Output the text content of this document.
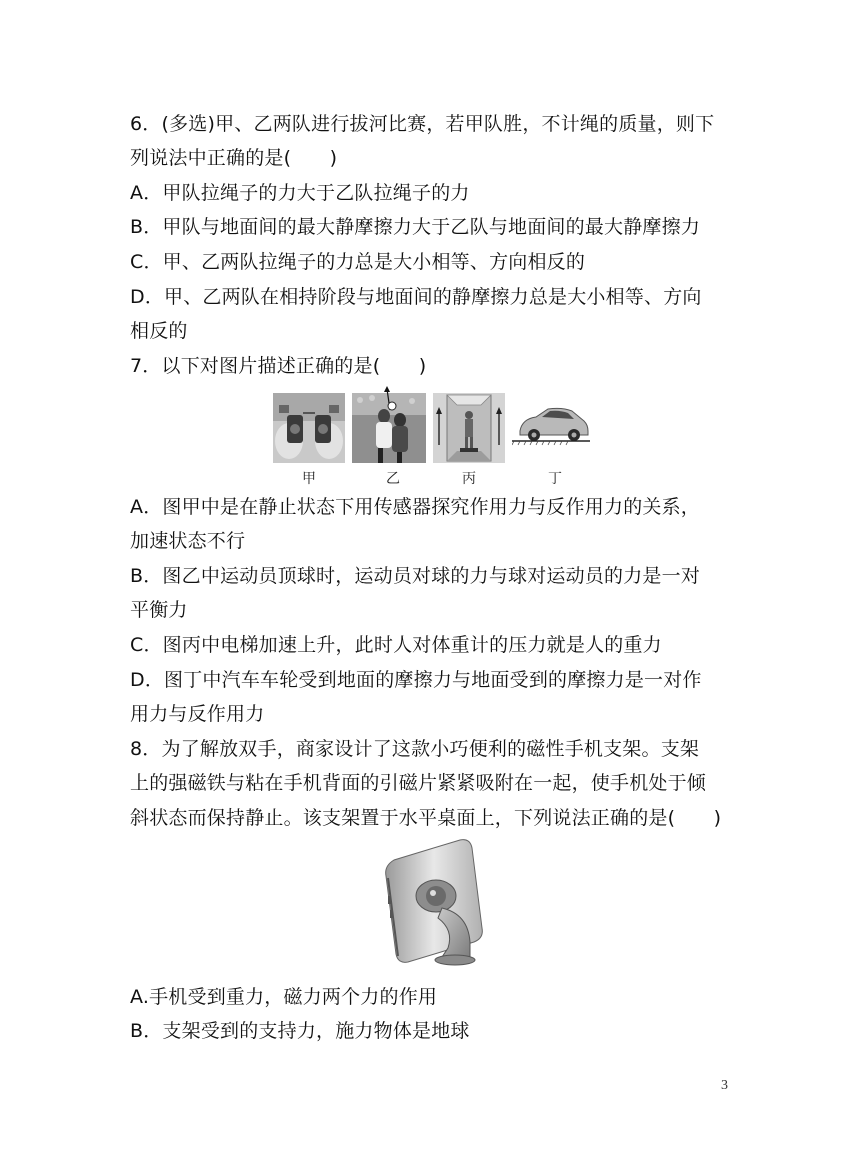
6．(多选)甲、乙两队进行拔河比赛，若甲队胜，不计绳的质量，则下
列说法中正确的是(　　)
A．甲队拉绳子的力大于乙队拉绳子的力
B．甲队与地面间的最大静摩擦力大于乙队与地面间的最大静摩擦力
C．甲、乙两队拉绳子的力总是大小相等、方向相反的
D．甲、乙两队在相持阶段与地面间的静摩擦力总是大小相等、方向
相反的
7．以下对图片描述正确的是(　　)
甲	乙	丙	丁
A．图甲中是在静止状态下用传感器探究作用力与反作用力的关系，
加速状态不行
B．图乙中运动员顶球时，运动员对球的力与球对运动员的力是一对
平衡力
C．图丙中电梯加速上升，此时人对体重计的压力就是人的重力
D．图丁中汽车车轮受到地面的摩擦力与地面受到的摩擦力是一对作
用力与反作用力
8．为了解放双手，商家设计了这款小巧便利的磁性手机支架。支架
上的强磁铁与粘在手机背面的引磁片紧紧吸附在一起，使手机处于倾
斜状态而保持静止。该支架置于水平桌面上，下列说法正确的是(　　)
A.手机受到重力，磁力两个力的作用
B．支架受到的支持力，施力物体是地球
3
